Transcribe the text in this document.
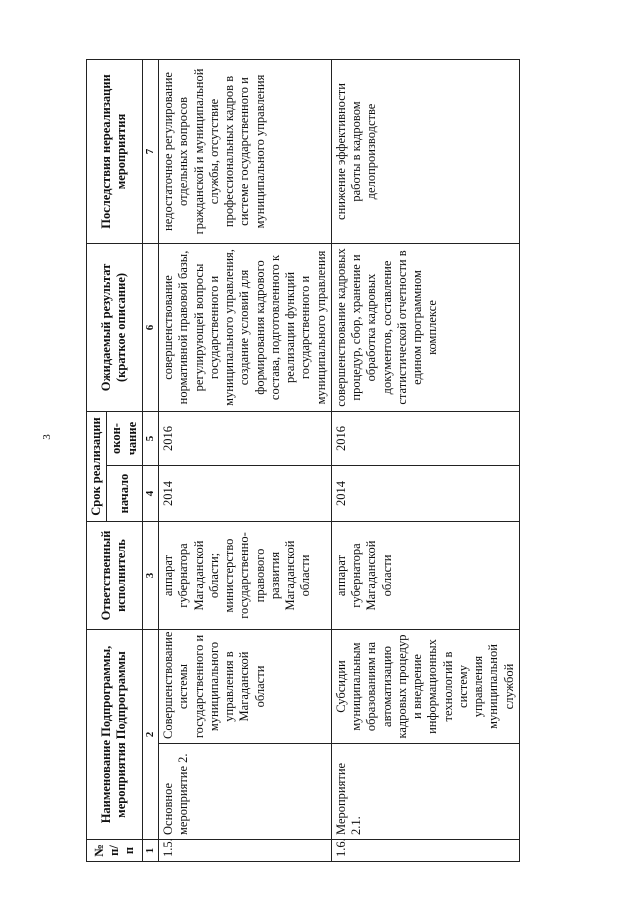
3
№ п/п	Наименование Подпрограммы, мероприятия Подпрограммы		Ответственный исполнитель	Срок реализации		Ожидаемый результат (краткое описание)	Последствия нереализации мероприятия
				начало	окон-чание		
1	2		3	4	5	6	7
1.5.	Основное мероприятие 2.	Совершенствование системы государственного и муниципального управления в Магаданской области	аппарат губернатора Магаданской области; министерство государственно-правового развития Магаданской области	2014	2016	совершенствование нормативной правовой базы, регулирующей вопросы государственного и муниципального управления, создание условий для формирования кадрового состава, подготовленного к реализации функций государственного и муниципального управления	недостаточное регулирование отдельных вопросов гражданской и муниципальной службы, отсутствие профессиональных кадров в системе государственного и муниципального управления
1.6.	Мероприятие 2.1.	Субсидии муниципальным образованиям на автоматизацию кадровых процедур и внедрение информационных технологий в систему управления муниципальной службой	аппарат губернатора Магаданской области	2014	2016	совершенствование кадровых процедур, сбор, хранение и обработка кадровых документов, составление статистической отчетности в едином программном комплексе	снижение эффективности работы в кадровом делопроизводстве
